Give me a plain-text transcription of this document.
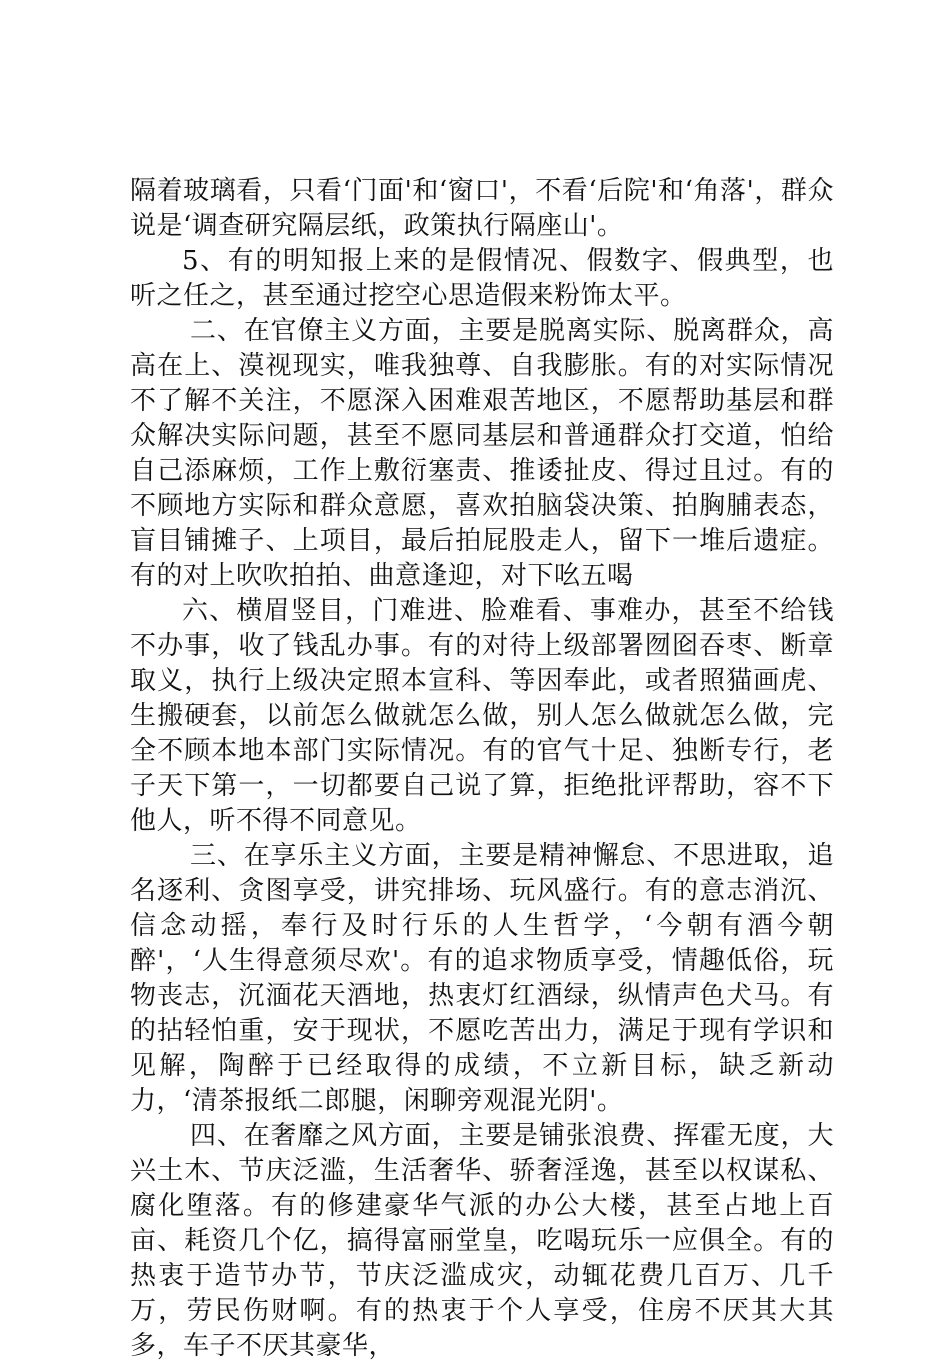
隔着玻璃看，只看‘门面'和‘窗口'，不看‘后院'和‘角落'，群众说是‘调查研究隔层纸，政策执行隔座山'。

5、有的明知报上来的是假情况、假数字、假典型，也听之任之，甚至通过挖空心思造假来粉饰太平。

二、在官僚主义方面，主要是脱离实际、脱离群众，高高在上、漠视现实，唯我独尊、自我膨胀。有的对实际情况不了解不关注，不愿深入困难艰苦地区，不愿帮助基层和群众解决实际问题，甚至不愿同基层和普通群众打交道，怕给自己添麻烦，工作上敷衍塞责、推诿扯皮、得过且过。有的不顾地方实际和群众意愿，喜欢拍脑袋决策、拍胸脯表态，盲目铺摊子、上项目，最后拍屁股走人，留下一堆后遗症。有的对上吹吹拍拍、曲意逢迎，对下吆五喝

六、横眉竖目，门难进、脸难看、事难办，甚至不给钱不办事，收了钱乱办事。有的对待上级部署囫囵吞枣、断章取义，执行上级决定照本宣科、等因奉此，或者照猫画虎、生搬硬套，以前怎么做就怎么做，别人怎么做就怎么做，完全不顾本地本部门实际情况。有的官气十足、独断专行，老子天下第一，一切都要自己说了算，拒绝批评帮助，容不下他人，听不得不同意见。

三、在享乐主义方面，主要是精神懈怠、不思进取，追名逐利、贪图享受，讲究排场、玩风盛行。有的意志消沉、信念动摇，奉行及时行乐的人生哲学，‘今朝有酒今朝醉'，‘人生得意须尽欢'。有的追求物质享受，情趣低俗，玩物丧志，沉湎花天酒地，热衷灯红酒绿，纵情声色犬马。有的拈轻怕重，安于现状，不愿吃苦出力，满足于现有学识和见解，陶醉于已经取得的成绩，不立新目标，缺乏新动力，‘清茶报纸二郎腿，闲聊旁观混光阴'。

四、在奢靡之风方面，主要是铺张浪费、挥霍无度，大兴土木、节庆泛滥，生活奢华、骄奢淫逸，甚至以权谋私、腐化堕落。有的修建豪华气派的办公大楼，甚至占地上百亩、耗资几个亿，搞得富丽堂皇，吃喝玩乐一应俱全。有的热衷于造节办节，节庆泛滥成灾，动辄花费几百万、几千万，劳民伤财啊。有的热衷于个人享受，住房不厌其大其多，车子不厌其豪华，
